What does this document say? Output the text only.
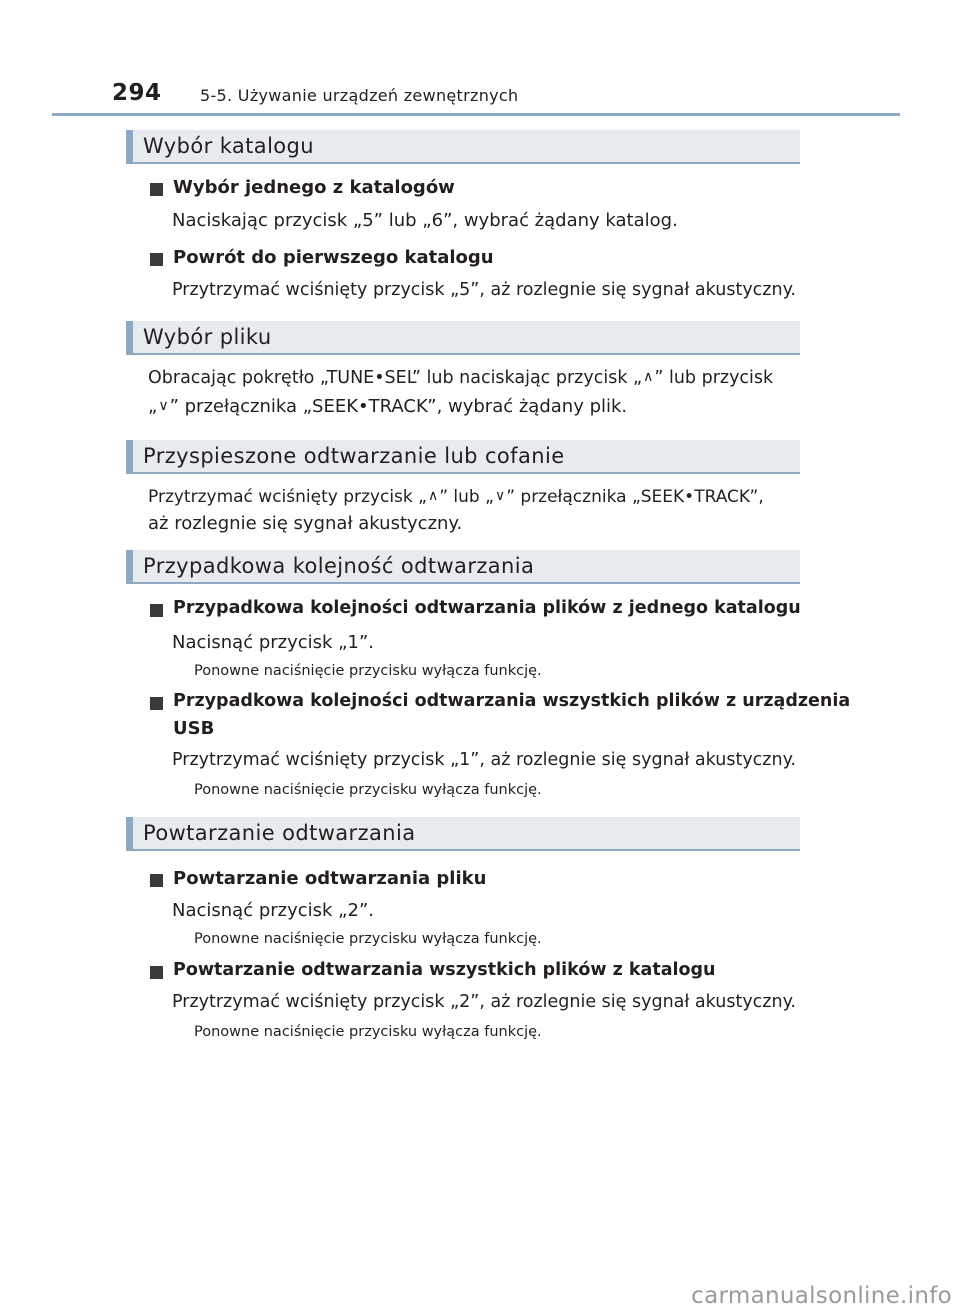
294 5-5. Używanie urządzeń zewnętrznych
Wybór katalogu
Wybór jednego z katalogów
Naciskając przycisk „5” lub „6”, wybrać żądany katalog.
Powrót do pierwszego katalogu
Przytrzymać wciśnięty przycisk „5”, aż rozlegnie się sygnał akustyczny.
Wybór pliku
Obracając pokrętło „TUNE•SEL” lub naciskając przycisk „∧” lub przycisk
„∨” przełącznika „SEEK•TRACK”, wybrać żądany plik.
Przyspieszone odtwarzanie lub cofanie
Przytrzymać wciśnięty przycisk „∧” lub „∨” przełącznika „SEEK•TRACK”,
aż rozlegnie się sygnał akustyczny.
Przypadkowa kolejność odtwarzania
Przypadkowa kolejności odtwarzania plików z jednego katalogu
Nacisnąć przycisk „1”.
Ponowne naciśnięcie przycisku wyłącza funkcję.
Przypadkowa kolejności odtwarzania wszystkich plików z urządzenia
USB
Przytrzymać wciśnięty przycisk „1”, aż rozlegnie się sygnał akustyczny.
Ponowne naciśnięcie przycisku wyłącza funkcję.
Powtarzanie odtwarzania
Powtarzanie odtwarzania pliku
Nacisnąć przycisk „2”.
Ponowne naciśnięcie przycisku wyłącza funkcję.
Powtarzanie odtwarzania wszystkich plików z katalogu
Przytrzymać wciśnięty przycisk „2”, aż rozlegnie się sygnał akustyczny.
Ponowne naciśnięcie przycisku wyłącza funkcję.
carmanualsonline.info
